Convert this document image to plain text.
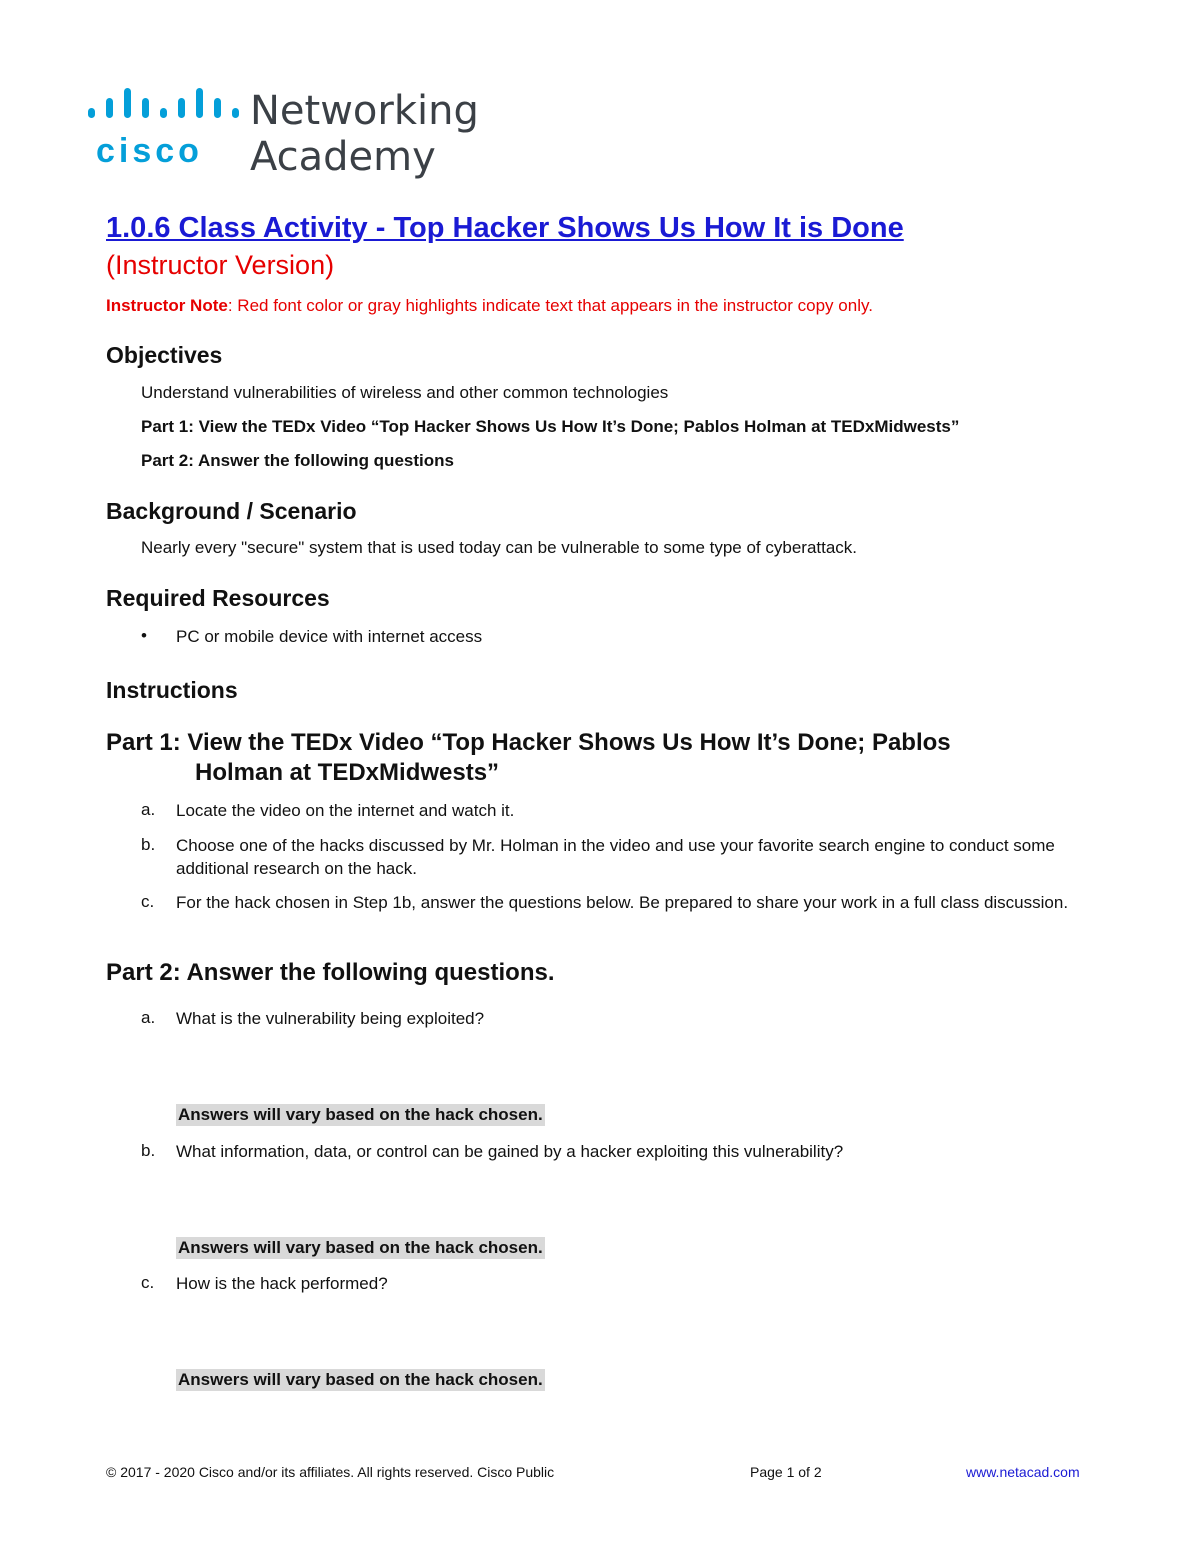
cisco
Networking
Academy
1.0.6 Class Activity - Top Hacker Shows Us How It is Done
(Instructor Version)
Instructor Note: Red font color or gray highlights indicate text that appears in the instructor copy only.
Objectives
Understand vulnerabilities of wireless and other common technologies
Part 1: View the TEDx Video “Top Hacker Shows Us How It’s Done; Pablos Holman at TEDxMidwests”
Part 2: Answer the following questions
Background / Scenario
Nearly every "secure" system that is used today can be vulnerable to some type of cyberattack.
Required Resources
• PC or mobile device with internet access
Instructions
Part 1: View the TEDx Video “Top Hacker Shows Us How It’s Done; Pablos
Holman at TEDxMidwests”
a. Locate the video on the internet and watch it.
b. Choose one of the hacks discussed by Mr. Holman in the video and use your favorite search engine to conduct some additional research on the hack.
c. For the hack chosen in Step 1b, answer the questions below. Be prepared to share your work in a full class discussion.
Part 2: Answer the following questions.
a. What is the vulnerability being exploited?
Answers will vary based on the hack chosen.
b. What information, data, or control can be gained by a hacker exploiting this vulnerability?
Answers will vary based on the hack chosen.
c. How is the hack performed?
Answers will vary based on the hack chosen.
© 2017 - 2020 Cisco and/or its affiliates. All rights reserved. Cisco Public	Page 1 of 2	www.netacad.com
